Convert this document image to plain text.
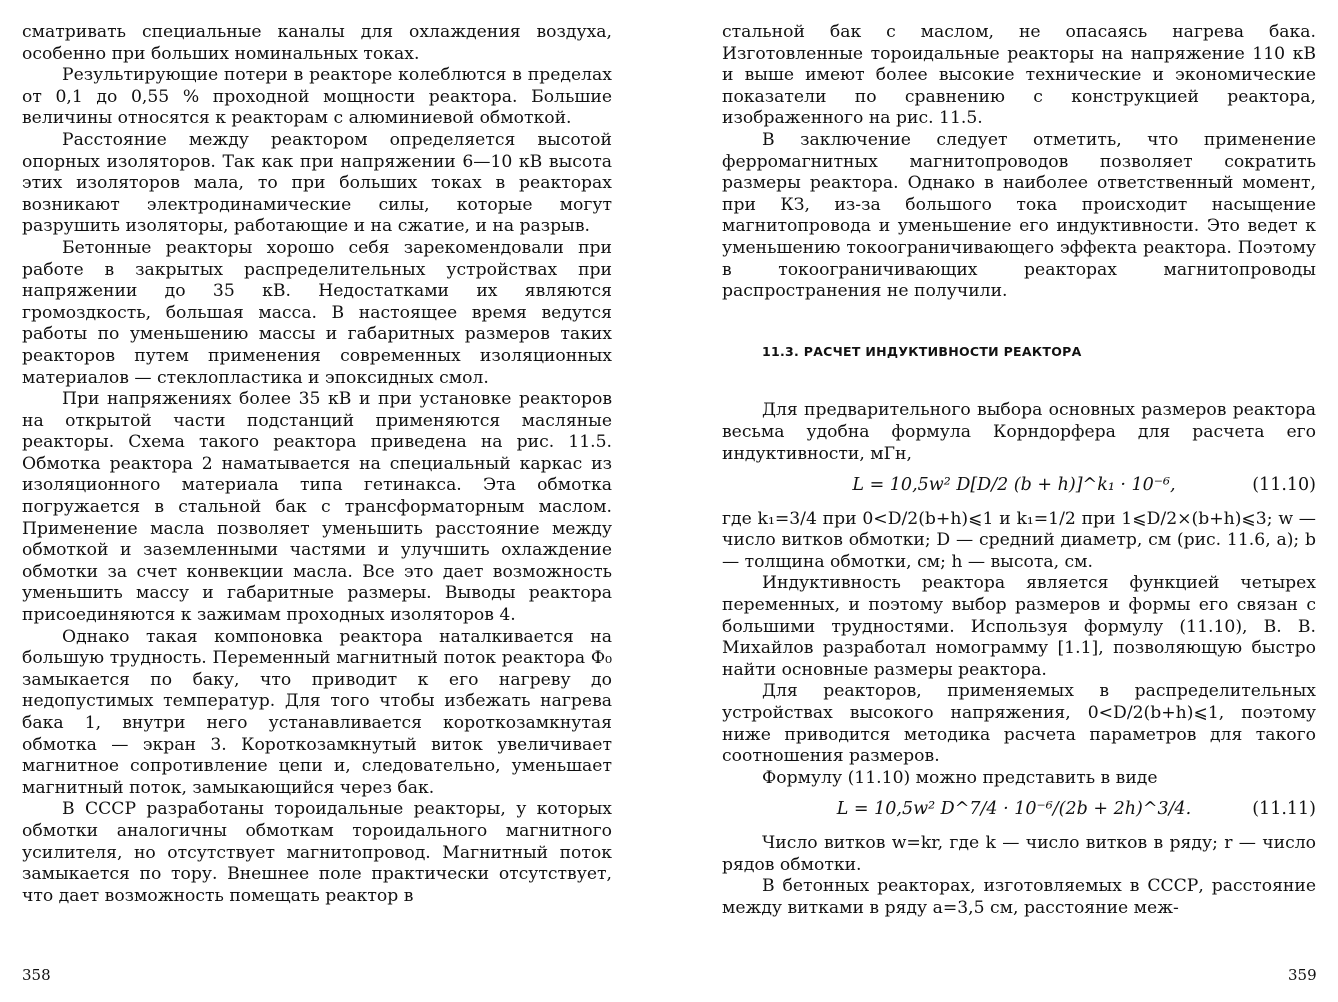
сматривать специальные каналы для охлаждения воздуха, особенно при больших номинальных токах.

Результирующие потери в реакторе колеблются в пределах от 0,1 до 0,55 % проходной мощности реактора. Большие величины относятся к реакторам с алюминиевой обмоткой.

Расстояние между реактором определяется высотой опорных изоляторов. Так как при напряжении 6—10 кВ высота этих изоляторов мала, то при больших токах в реакторах возникают электродинамические силы, которые могут разрушить изоляторы, работающие и на сжатие, и на разрыв.

Бетонные реакторы хорошо себя зарекомендовали при работе в закрытых распределительных устройствах при напряжении до 35 кВ. Недостатками их являются громоздкость, большая масса. В настоящее время ведутся работы по уменьшению массы и габаритных размеров таких реакторов путем применения современных изоляционных материалов — стеклопластика и эпоксидных смол.

При напряжениях более 35 кВ и при установке реакторов на открытой части подстанций применяются масляные реакторы. Схема такого реактора приведена на рис. 11.5. Обмотка реактора 2 наматывается на специальный каркас из изоляционного материала типа гетинакса. Эта обмотка погружается в стальной бак с трансформаторным маслом. Применение масла позволяет уменьшить расстояние между обмоткой и заземленными частями и улучшить охлаждение обмотки за счет конвекции масла. Все это дает возможность уменьшить массу и габаритные размеры. Выводы реактора присоединяются к зажимам проходных изоляторов 4.

Однако такая компоновка реактора наталкивается на большую трудность. Переменный магнитный поток реактора Ф₀ замыкается по баку, что приводит к его нагреву до недопустимых температур. Для того чтобы избежать нагрева бака 1, внутри него устанавливается короткозамкнутая обмотка — экран 3. Короткозамкнутый виток увеличивает магнитное сопротивление цепи и, следовательно, уменьшает магнитный поток, замыкающийся через бак.

В СССР разработаны тороидальные реакторы, у которых обмотки аналогичны обмоткам тороидального магнитного усилителя, но отсутствует магнитопровод. Магнитный поток замыкается по тору. Внешнее поле практически отсутствует, что дает возможность помещать реактор в

стальной бак с маслом, не опасаясь нагрева бака. Изготовленные тороидальные реакторы на напряжение 110 кВ и выше имеют более высокие технические и экономические показатели по сравнению с конструкцией реактора, изображенного на рис. 11.5.

В заключение следует отметить, что применение ферромагнитных магнитопроводов позволяет сократить размеры реактора. Однако в наиболее ответственный момент, при КЗ, из-за большого тока происходит насыщение магнитопровода и уменьшение его индуктивности. Это ведет к уменьшению токоограничивающего эффекта реактора. Поэтому в токоограничивающих реакторах магнитопроводы распространения не получили.

11.3. РАСЧЕТ ИНДУКТИВНОСТИ РЕАКТОРА

Для предварительного выбора основных размеров реактора весьма удобна формула Корндорфера для расчета его индуктивности, мГн,

L = 10,5w² D[D/2 (b + h)]^k₁ · 10⁻⁶,	(11.10)

где k₁=3/4 при 0<D/2(b+h)⩽1 и k₁=1/2 при 1⩽D/2×(b+h)⩽3; w — число витков обмотки; D — средний диаметр, см (рис. 11.6, а); b — толщина обмотки, см; h — высота, см.

Индуктивность реактора является функцией четырех переменных, и поэтому выбор размеров и формы его связан с большими трудностями. Используя формулу (11.10), В. В. Михайлов разработал номограмму [1.1], позволяющую быстро найти основные размеры реактора.

Для реакторов, применяемых в распределительных устройствах высокого напряжения, 0<D/2(b+h)⩽1, поэтому ниже приводится методика расчета параметров для такого соотношения размеров.

Формулу (11.10) можно представить в виде

L = 10,5w² D^7/4 · 10⁻⁶/(2b + 2h)^3/4.	(11.11)

Число витков w=kr, где k — число витков в ряду; r — число рядов обмотки.

В бетонных реакторах, изготовляемых в СССР, расстояние между витками в ряду a=3,5 см, расстояние меж-

358	359
